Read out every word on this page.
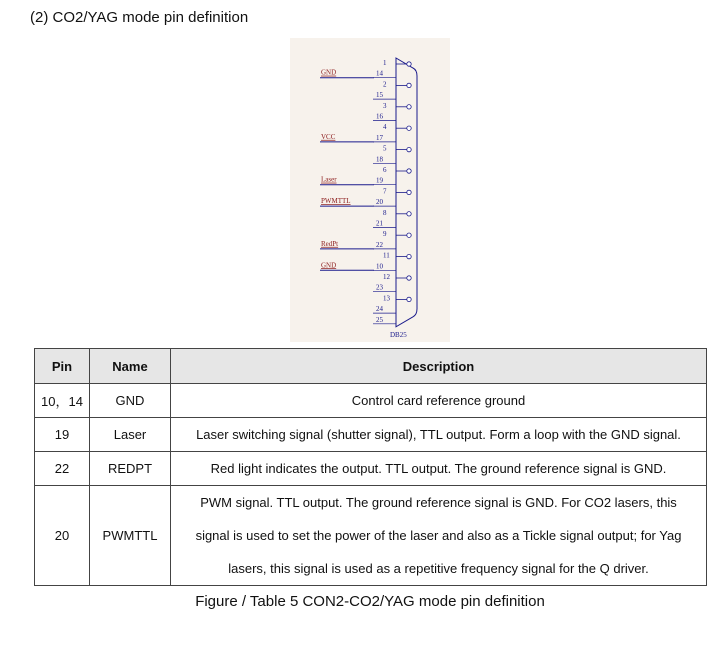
(2) CO2/YAG mode pin definition
1
14
GND
2
15
3
16
4
17
VCC
5
18
6
19
Laser
7
20
PWMTTL
8
21
9
22
RedPt
11
10
GND
12
23
13
24
25
DB25
Pin	Name	Description
10，14	GND	Control card reference ground
19	Laser	Laser switching signal (shutter signal), TTL output. Form a loop with the GND signal.
22	REDPT	Red light indicates the output. TTL output. The ground reference signal is GND.
20	PWMTTL	PWM signal. TTL output. The ground reference signal is GND. For CO2 lasers, this
signal is used to set the power of the laser and also as a Tickle signal output; for Yag
lasers, this signal is used as a repetitive frequency signal for the Q driver.
Figure / Table 5 CON2-CO2/YAG mode pin definition
